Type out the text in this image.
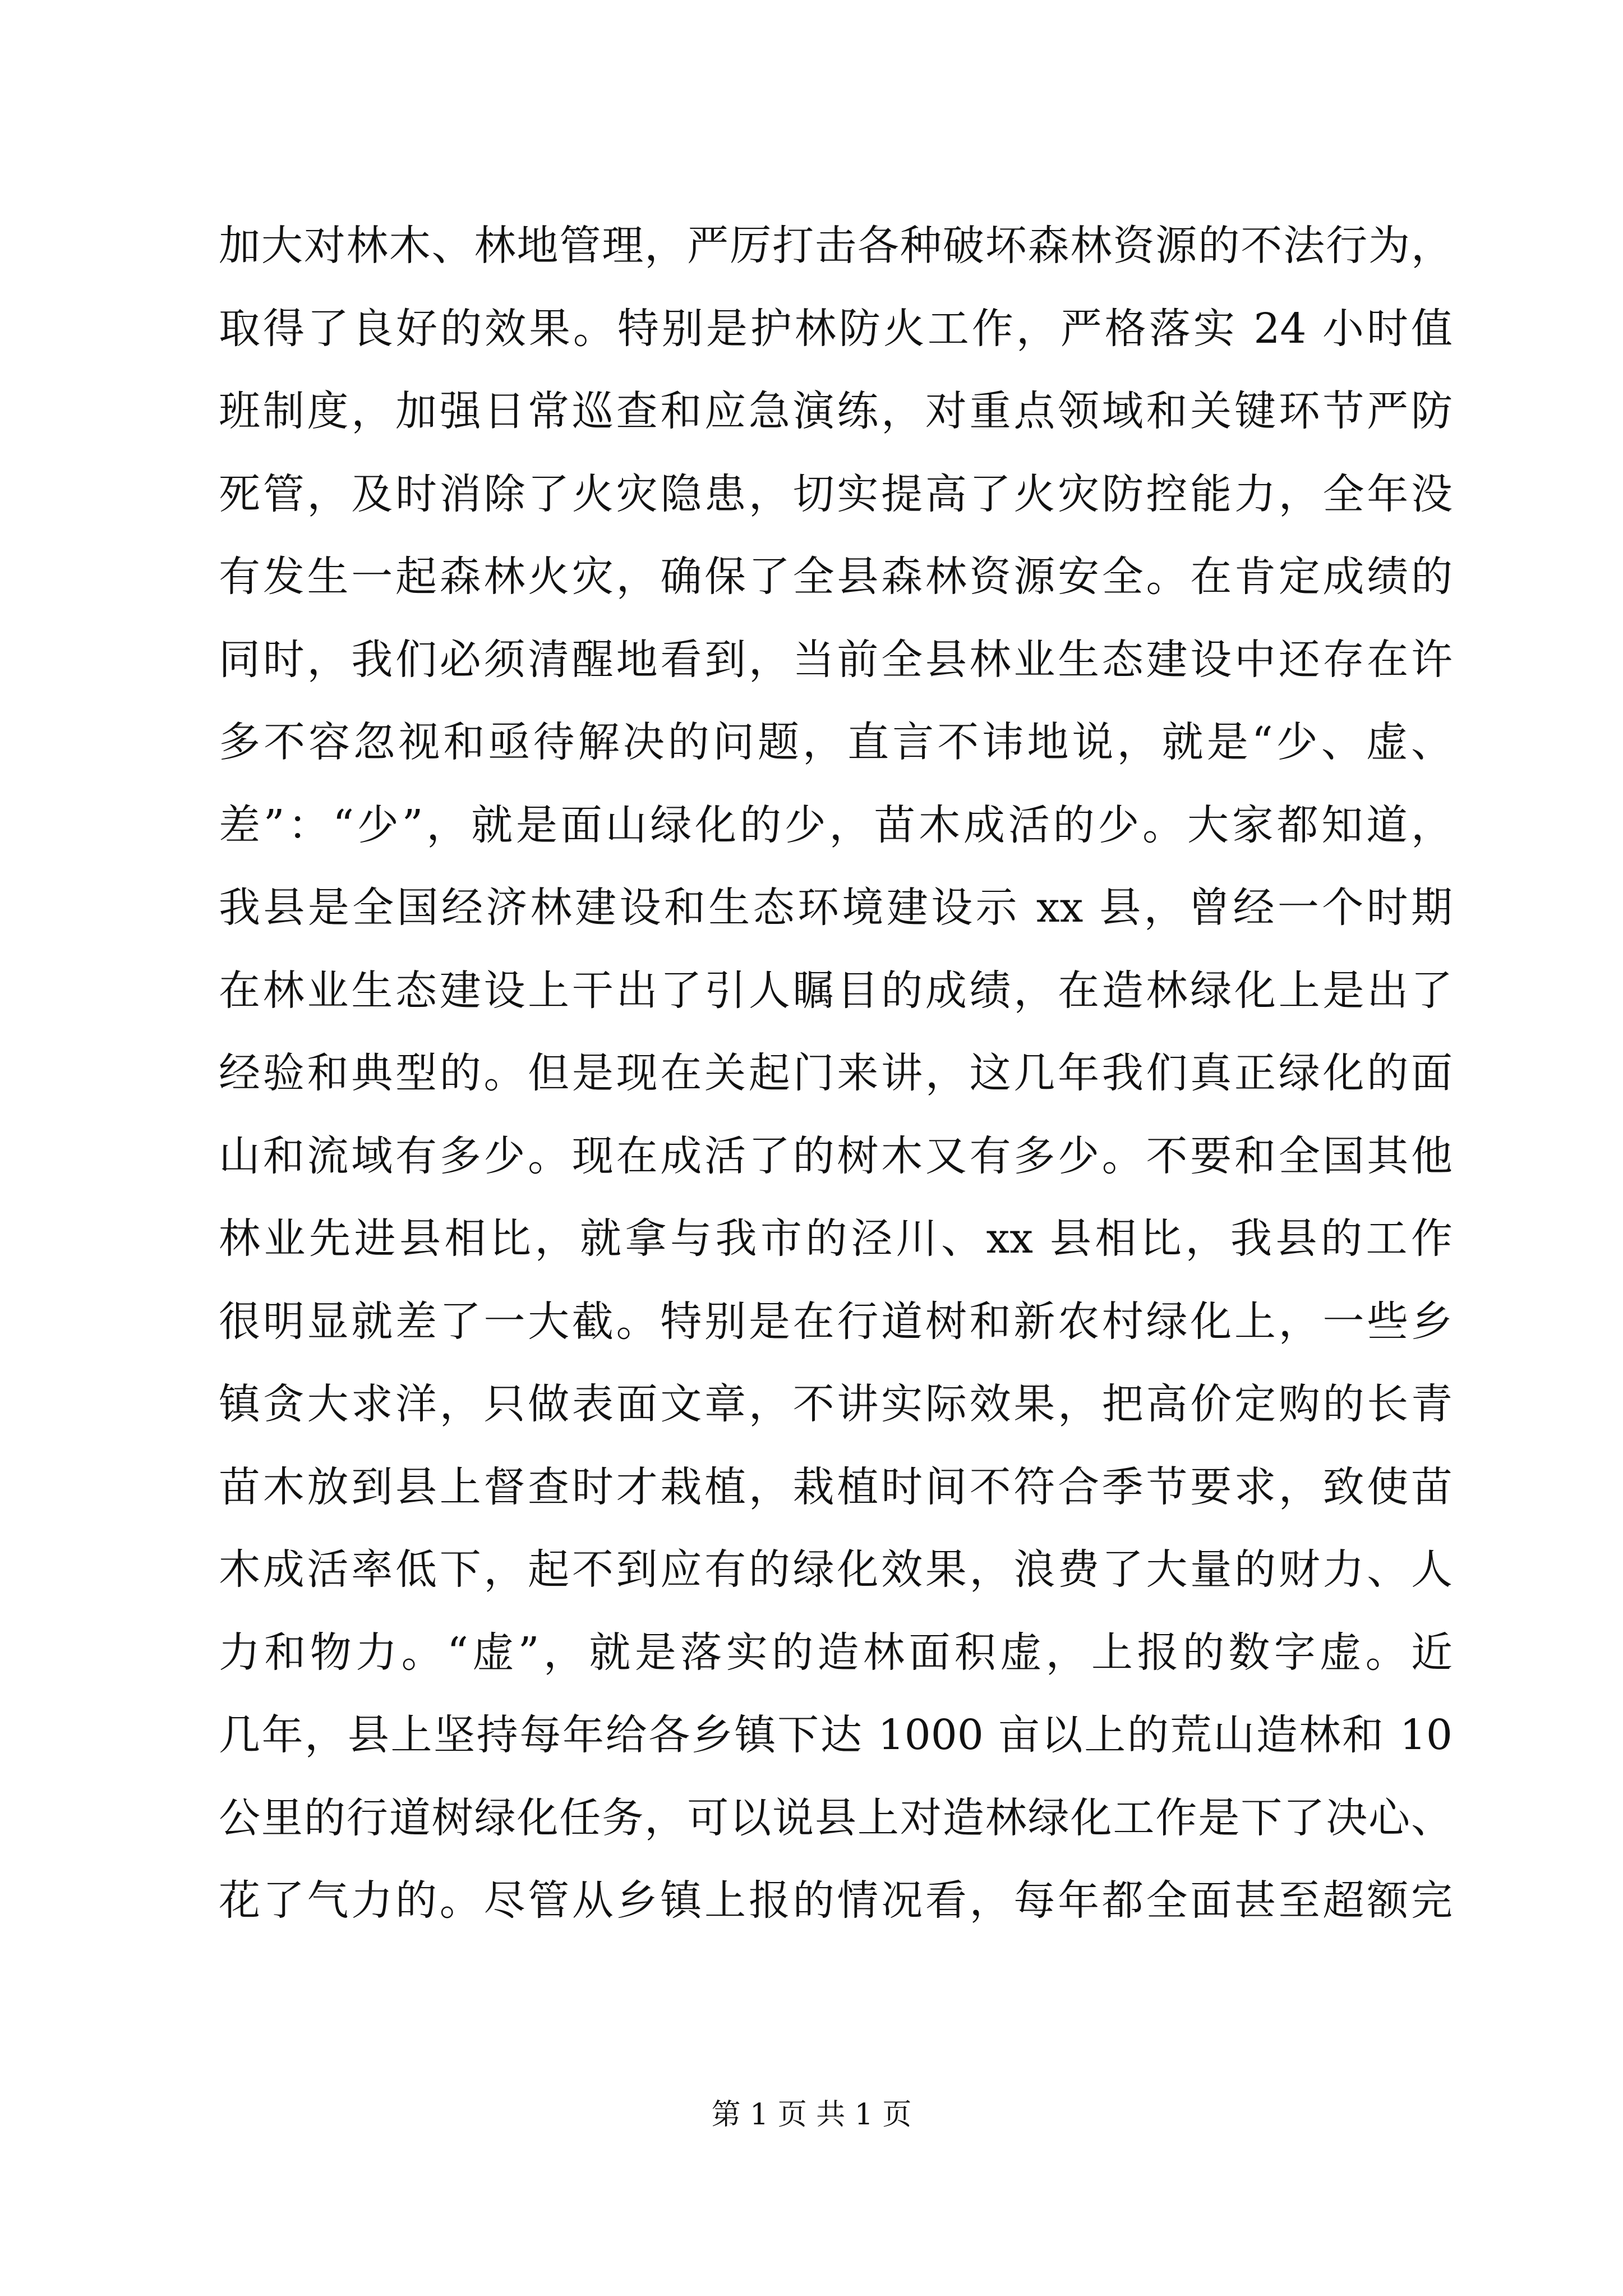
加大对林木、林地管理，严厉打击各种破坏森林资源的不法行为，
取得了良好的效果。特别是护林防火工作，严格落实 24 小时值
班制度，加强日常巡查和应急演练，对重点领域和关键环节严防
死管，及时消除了火灾隐患，切实提高了火灾防控能力，全年没
有发生一起森林火灾，确保了全县森林资源安全。在肯定成绩的
同时，我们必须清醒地看到，当前全县林业生态建设中还存在许
多不容忽视和亟待解决的问题，直言不讳地说，就是“少、虚、
差”：“少”，就是面山绿化的少，苗木成活的少。大家都知道，
我县是全国经济林建设和生态环境建设示 xx 县，曾经一个时期
在林业生态建设上干出了引人瞩目的成绩，在造林绿化上是出了
经验和典型的。但是现在关起门来讲，这几年我们真正绿化的面
山和流域有多少。现在成活了的树木又有多少。不要和全国其他
林业先进县相比，就拿与我市的泾川、xx 县相比，我县的工作
很明显就差了一大截。特别是在行道树和新农村绿化上，一些乡
镇贪大求洋，只做表面文章，不讲实际效果，把高价定购的长青
苗木放到县上督查时才栽植，栽植时间不符合季节要求，致使苗
木成活率低下，起不到应有的绿化效果，浪费了大量的财力、人
力和物力。“虚”，就是落实的造林面积虚，上报的数字虚。近
几年，县上坚持每年给各乡镇下达 1000 亩以上的荒山造林和 10
公里的行道树绿化任务，可以说县上对造林绿化工作是下了决心、
花了气力的。尽管从乡镇上报的情况看，每年都全面甚至超额完
第 1 页 共 1 页
